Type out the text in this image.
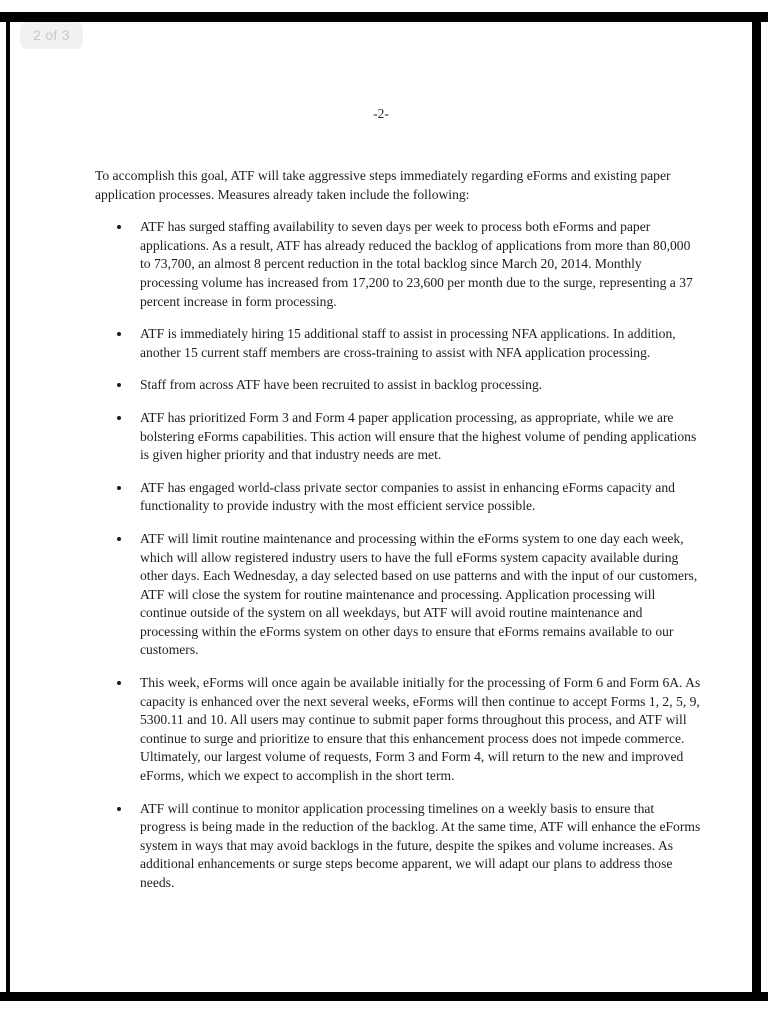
-2-

To accomplish this goal, ATF will take aggressive steps immediately regarding eForms and existing paper application processes. Measures already taken include the following:

ATF has surged staffing availability to seven days per week to process both eForms and paper applications. As a result, ATF has already reduced the backlog of applications from more than 80,000 to 73,700, an almost 8 percent reduction in the total backlog since March 20, 2014. Monthly processing volume has increased from 17,200 to 23,600 per month due to the surge, representing a 37 percent increase in form processing.
ATF is immediately hiring 15 additional staff to assist in processing NFA applications. In addition, another 15 current staff members are cross-training to assist with NFA application processing.
Staff from across ATF have been recruited to assist in backlog processing.
ATF has prioritized Form 3 and Form 4 paper application processing, as appropriate, while we are bolstering eForms capabilities. This action will ensure that the highest volume of pending applications is given higher priority and that industry needs are met.
ATF has engaged world-class private sector companies to assist in enhancing eForms capacity and functionality to provide industry with the most efficient service possible.
ATF will limit routine maintenance and processing within the eForms system to one day each week, which will allow registered industry users to have the full eForms system capacity available during other days. Each Wednesday, a day selected based on use patterns and with the input of our customers, ATF will close the system for routine maintenance and processing. Application processing will continue outside of the system on all weekdays, but ATF will avoid routine maintenance and processing within the eForms system on other days to ensure that eForms remains available to our customers.
This week, eForms will once again be available initially for the processing of Form 6 and Form 6A. As capacity is enhanced over the next several weeks, eForms will then continue to accept Forms 1, 2, 5, 9, 5300.11 and 10. All users may continue to submit paper forms throughout this process, and ATF will continue to surge and prioritize to ensure that this enhancement process does not impede commerce. Ultimately, our largest volume of requests, Form 3 and Form 4, will return to the new and improved eForms, which we expect to accomplish in the short term.
ATF will continue to monitor application processing timelines on a weekly basis to ensure that progress is being made in the reduction of the backlog. At the same time, ATF will enhance the eForms system in ways that may avoid backlogs in the future, despite the spikes and volume increases. As additional enhancements or surge steps become apparent, we will adapt our plans to address those needs.
2 of 3
